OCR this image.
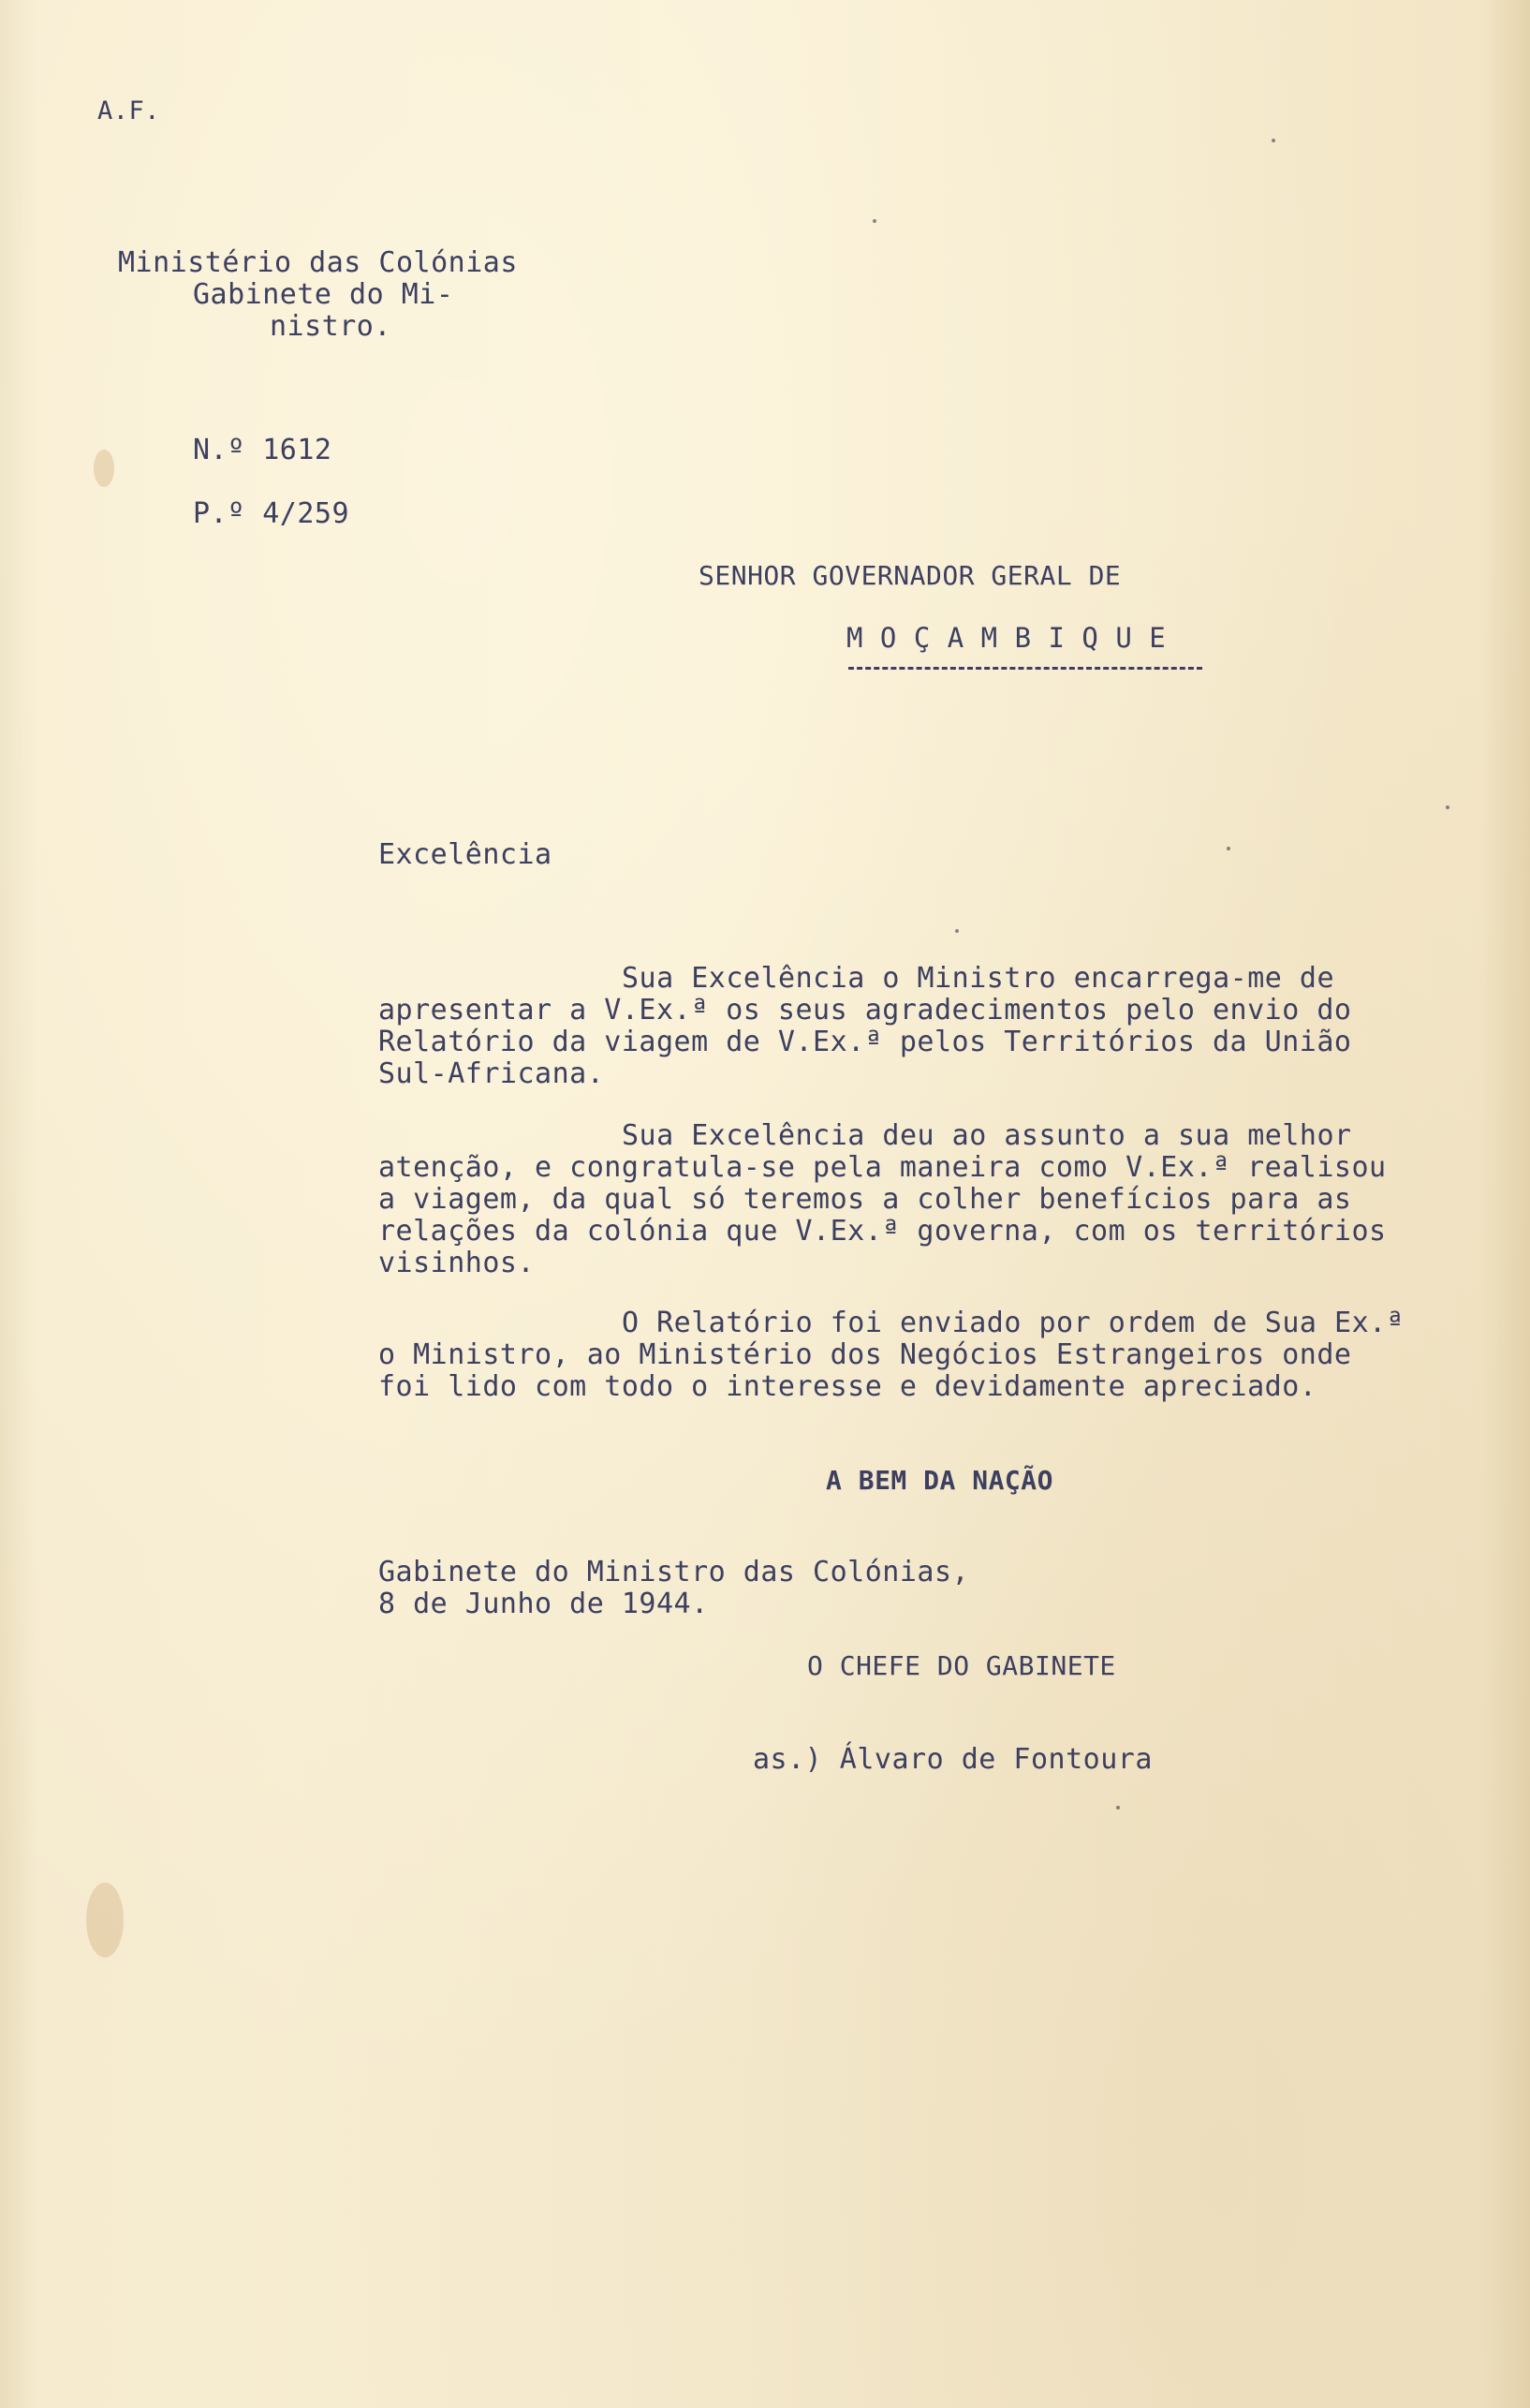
A.F.
Ministério das Colónias
Gabinete do Mi-
nistro.
N.º 1612
P.º 4/259
SENHOR GOVERNADOR GERAL DE
M O Ç A M B I Q U E
Excelência
Sua Excelência o Ministro encarrega-me de
apresentar a V.Ex.ª os seus agradecimentos pelo envio do
Relatório da viagem de V.Ex.ª pelos Territórios da União
Sul-Africana.
Sua Excelência deu ao assunto a sua melhor
atenção, e congratula-se pela maneira como V.Ex.ª realisou
a viagem, da qual só teremos a colher benefícios para as
relações da colónia que V.Ex.ª governa, com os territórios
visinhos.
O Relatório foi enviado por ordem de Sua Ex.ª
o Ministro, ao Ministério dos Negócios Estrangeiros onde
foi lido com todo o interesse e devidamente apreciado.
A BEM DA NAÇÃO
Gabinete do Ministro das Colónias,
8 de Junho de 1944.
O CHEFE DO GABINETE
as.) Álvaro de Fontoura
